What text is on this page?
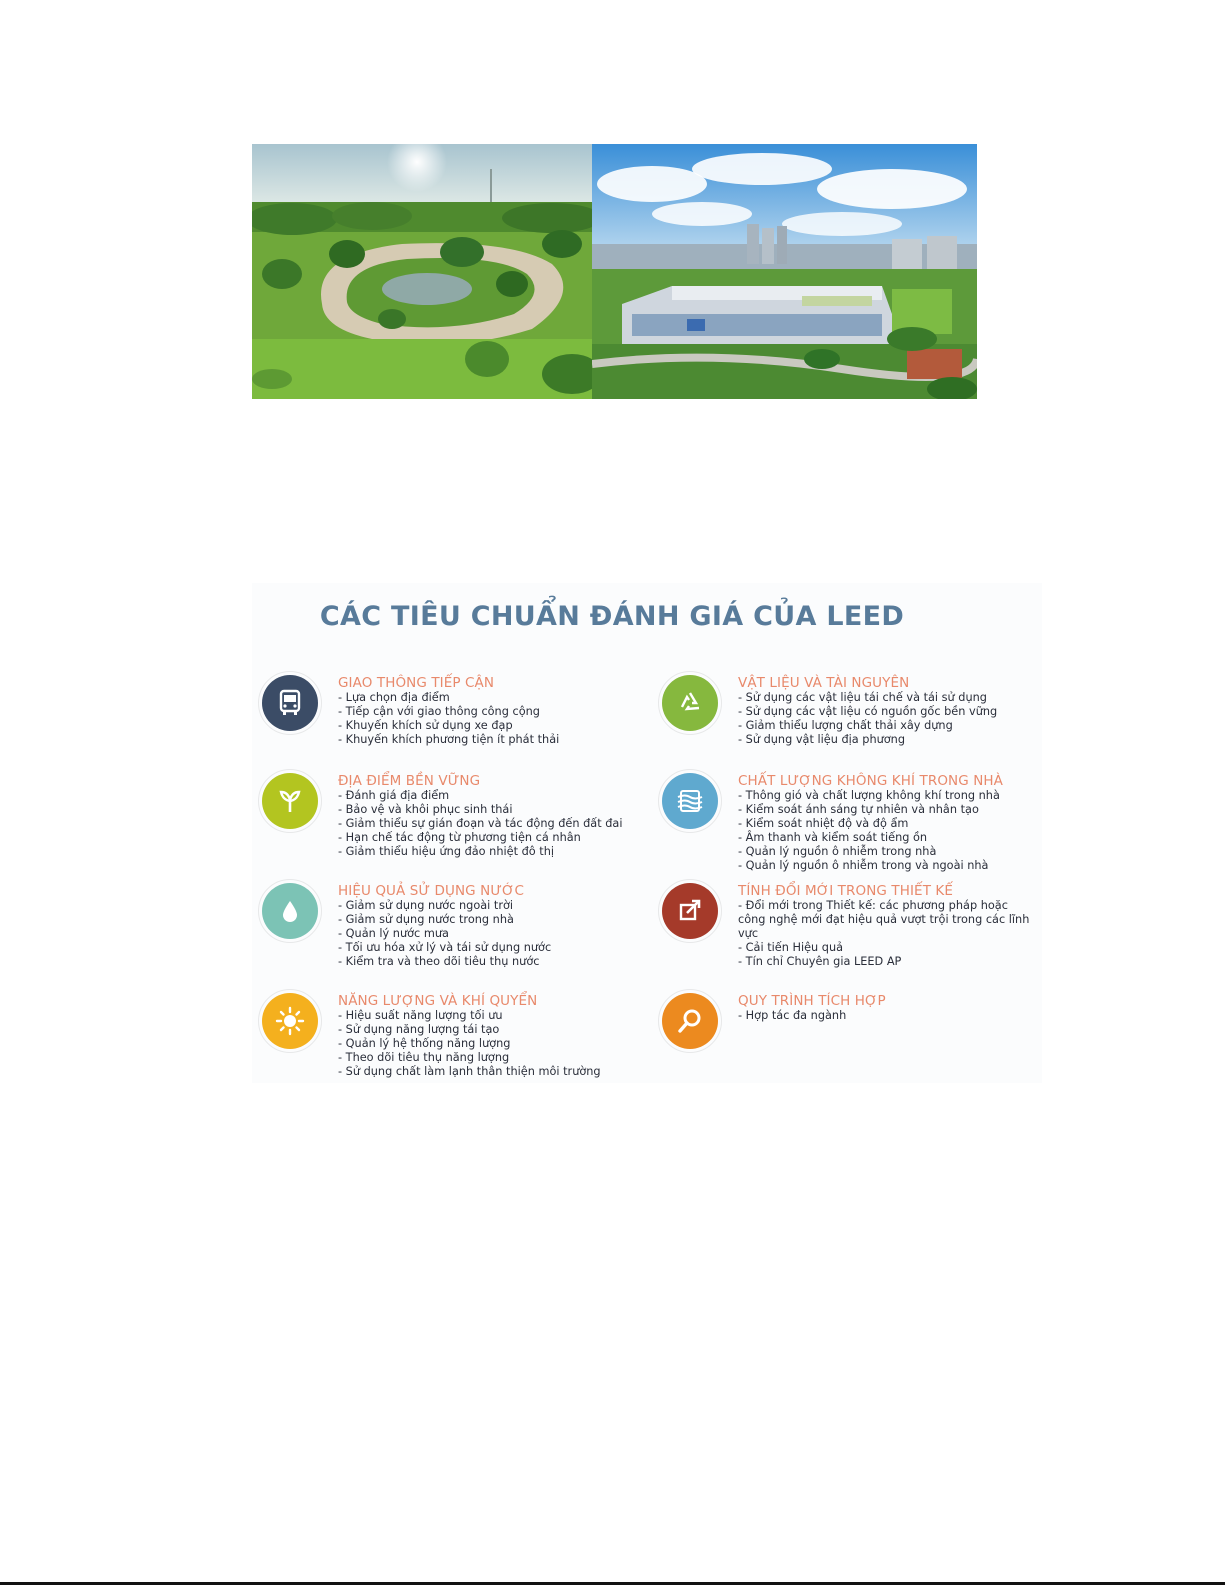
CÁC TIÊU CHUẨN ĐÁNH GIÁ CỦA LEED
GIAO THÔNG TIẾP CẬN
- Lựa chọn địa điểm
- Tiếp cận với giao thông công cộng
- Khuyến khích sử dụng xe đạp
- Khuyến khích phương tiện ít phát thải
VẬT LIỆU VÀ TÀI NGUYÊN
- Sử dụng các vật liệu tái chế và tái sử dụng
- Sử dụng các vật liệu có nguồn gốc bền vững
- Giảm thiểu lượng chất thải xây dựng
- Sử dụng vật liệu địa phương
ĐỊA ĐIỂM BỀN VỮNG
- Đánh giá địa điểm
- Bảo vệ và khôi phục sinh thái
- Giảm thiểu sự gián đoạn và tác động đến đất đai
- Hạn chế tác động từ phương tiện cá nhân
- Giảm thiểu hiệu ứng đảo nhiệt đô thị
CHẤT LƯỢNG KHÔNG KHÍ TRONG NHÀ
- Thông gió và chất lượng không khí trong nhà
- Kiểm soát ánh sáng tự nhiên và nhân tạo
- Kiểm soát nhiệt độ và độ ẩm
- Âm thanh và kiểm soát tiếng ồn
- Quản lý nguồn ô nhiễm trong nhà
- Quản lý nguồn ô nhiễm trong và ngoài nhà
HIỆU QUẢ SỬ DỤNG NƯỚC
- Giảm sử dụng nước ngoài trời
- Giảm sử dụng nước trong nhà
- Quản lý nước mưa
- Tối ưu hóa xử lý và tái sử dụng nước
- Kiểm tra và theo dõi tiêu thụ nước
TÍNH ĐỔI MỚI TRONG THIẾT KẾ
- Đổi mới trong Thiết kế: các phương pháp hoặc công nghệ mới đạt hiệu quả vượt trội trong các lĩnh vực
- Cải tiến Hiệu quả
- Tín chỉ Chuyên gia LEED AP
NĂNG LƯỢNG VÀ KHÍ QUYỂN
- Hiệu suất năng lượng tối ưu
- Sử dụng năng lượng tái tạo
- Quản lý hệ thống năng lượng
- Theo dõi tiêu thụ năng lượng
- Sử dụng chất làm lạnh thân thiện môi trường
QUY TRÌNH TÍCH HỢP
- Hợp tác đa ngành
